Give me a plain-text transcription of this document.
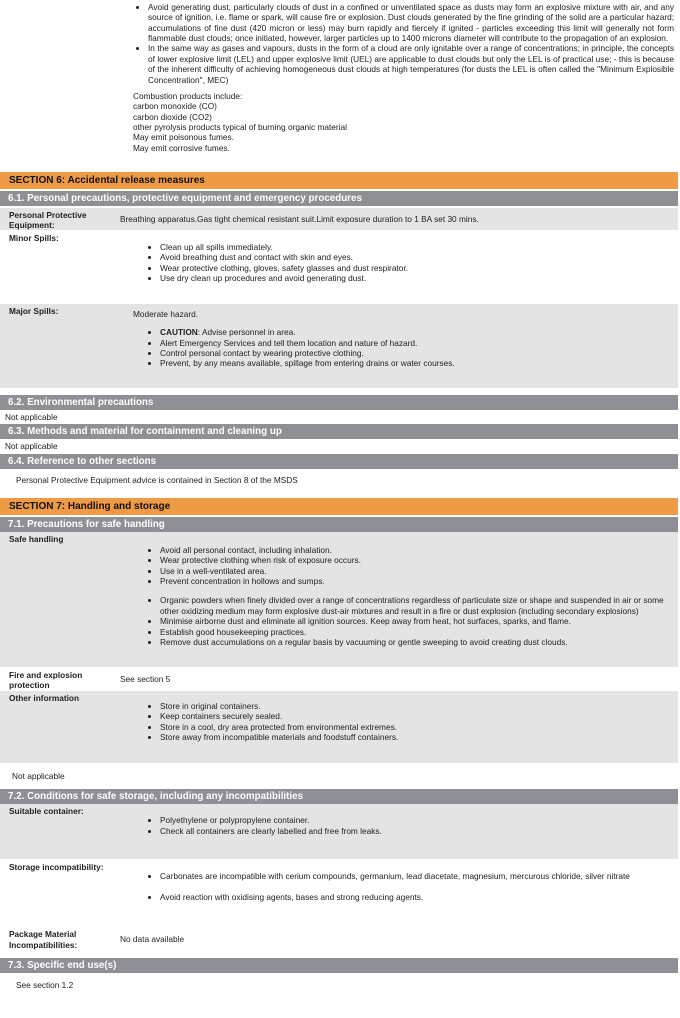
• Avoid generating dust, particularly clouds of dust in a confined or unventilated space as dusts may form an explosive mixture with air, and any source of ignition, i.e. flame or spark, will cause fire or explosion. Dust clouds generated by the fine grinding of the solid are a particular hazard; accumulations of fine dust (420 micron or less) may burn rapidly and fiercely if ignited - particles exceeding this limit will generally not form flammable dust clouds; once initiated, however, larger particles up to 1400 microns diameter will contribute to the propagation of an explosion.
• In the same way as gases and vapours, dusts in the form of a cloud are only ignitable over a range of concentrations; in principle, the concepts of lower explosive limit (LEL) and upper explosive limit (UEL) are applicable to dust clouds but only the LEL is of practical use; - this is because of the inherent difficulty of achieving homogeneous dust clouds at high temperatures (for dusts the LEL is often called the "Minimum Explosible Concentration", MEC)
Combustion products include:
carbon monoxide (CO)
carbon dioxide (CO2)
other pyrolysis products typical of burning organic material
May emit poisonous fumes.
May emit corrosive fumes.
SECTION 6: Accidental release measures
6.1. Personal precautions, protective equipment and emergency procedures
Personal Protective Equipment:
Breathing apparatus.Gas tight chemical resistant suit.Limit exposure duration to 1 BA set 30 mins.
Minor Spills:
• Clean up all spills immediately.
• Avoid breathing dust and contact with skin and eyes.
• Wear protective clothing, gloves, safety glasses and dust respirator.
• Use dry clean up procedures and avoid generating dust.
Major Spills:	Moderate hazard.
• CAUTION: Advise personnel in area.
• Alert Emergency Services and tell them location and nature of hazard.
• Control personal contact by wearing protective clothing.
• Prevent, by any means available, spillage from entering drains or water courses.
6.2. Environmental precautions
Not applicable
6.3. Methods and material for containment and cleaning up
Not applicable
6.4. Reference to other sections
Personal Protective Equipment advice is contained in Section 8 of the MSDS
SECTION 7: Handling and storage
7.1. Precautions for safe handling
Safe handling
• Avoid all personal contact, including inhalation.
• Wear protective clothing when risk of exposure occurs.
• Use in a well-ventilated area.
• Prevent concentration in hollows and sumps.
• Organic powders when finely divided over a range of concentrations regardless of particulate size or shape and suspended in air or some other oxidizing medium may form explosive dust-air mixtures and result in a fire or dust explosion (including secondary explosions)
• Minimise airborne dust and eliminate all ignition sources. Keep away from heat, hot surfaces, sparks, and flame.
• Establish good housekeeping practices.
• Remove dust accumulations on a regular basis by vacuuming or gentle sweeping to avoid creating dust clouds.
Fire and explosion protection
See section 5
Other information
• Store in original containers.
• Keep containers securely sealed.
• Store in a cool, dry area protected from environmental extremes.
• Store away from incompatible materials and foodstuff containers.
Not applicable
7.2. Conditions for safe storage, including any incompatibilities
Suitable container:
• Polyethylene or polypropylene container.
• Check all containers are clearly labelled and free from leaks.
Storage incompatibility:
• Carbonates are incompatible with cerium compounds, germanium, lead diacetate, magnesium, mercurous chloride, silver nitrate
• Avoid reaction with oxidising agents, bases and strong reducing agents.
Package Material Incompatibilities:
No data available
7.3. Specific end use(s)
See section 1.2
